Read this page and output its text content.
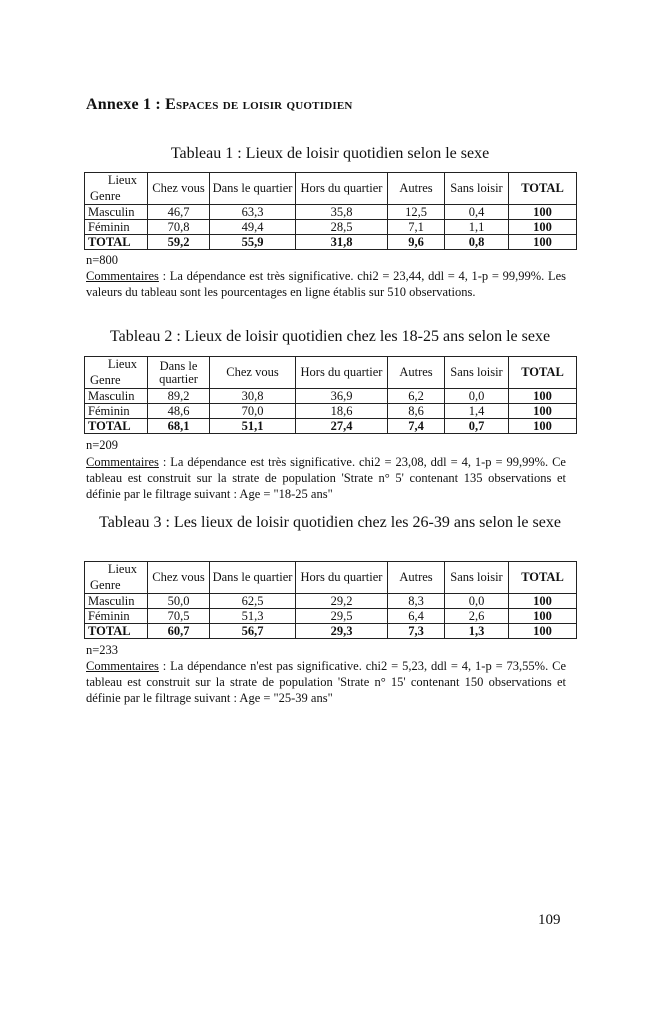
Annexe 1 : Espaces de loisir quotidien
Tableau 1 : Lieux de loisir quotidien selon le sexe
Lieux
Genre	Chez vous	Dans le quartier	Hors du quartier	Autres	Sans loisir	TOTAL
Masculin	46,7	63,3	35,8	12,5	0,4	100
Féminin	70,8	49,4	28,5	7,1	1,1	100
TOTAL	59,2	55,9	31,8	9,6	0,8	100
n=800
Commentaires : La dépendance est très significative. chi2 = 23,44, ddl = 4, 1-p = 99,99%. Les valeurs du tableau sont les pourcentages en ligne établis sur 510 observations.
Tableau 2 : Lieux de loisir quotidien chez les 18-25 ans selon le sexe
Lieux
Genre	Dans le quartier	Chez vous	Hors du quartier	Autres	Sans loisir	TOTAL
Masculin	89,2	30,8	36,9	6,2	0,0	100
Féminin	48,6	70,0	18,6	8,6	1,4	100
TOTAL	68,1	51,1	27,4	7,4	0,7	100
n=209
Commentaires : La dépendance est très significative. chi2 = 23,08, ddl = 4, 1-p = 99,99%. Ce tableau est construit sur la strate de population 'Strate n° 5' contenant 135 observations et définie par le filtrage suivant : Age = "18-25 ans"
Tableau 3 : Les lieux de loisir quotidien chez les 26-39 ans selon le sexe
Lieux
Genre	Chez vous	Dans le quartier	Hors du quartier	Autres	Sans loisir	TOTAL
Masculin	50,0	62,5	29,2	8,3	0,0	100
Féminin	70,5	51,3	29,5	6,4	2,6	100
TOTAL	60,7	56,7	29,3	7,3	1,3	100
n=233
Commentaires : La dépendance n'est pas significative. chi2 = 5,23, ddl = 4, 1-p = 73,55%. Ce tableau est construit sur la strate de population 'Strate n° 15' contenant 150 observations et définie par le filtrage suivant : Age = "25-39 ans"
109
